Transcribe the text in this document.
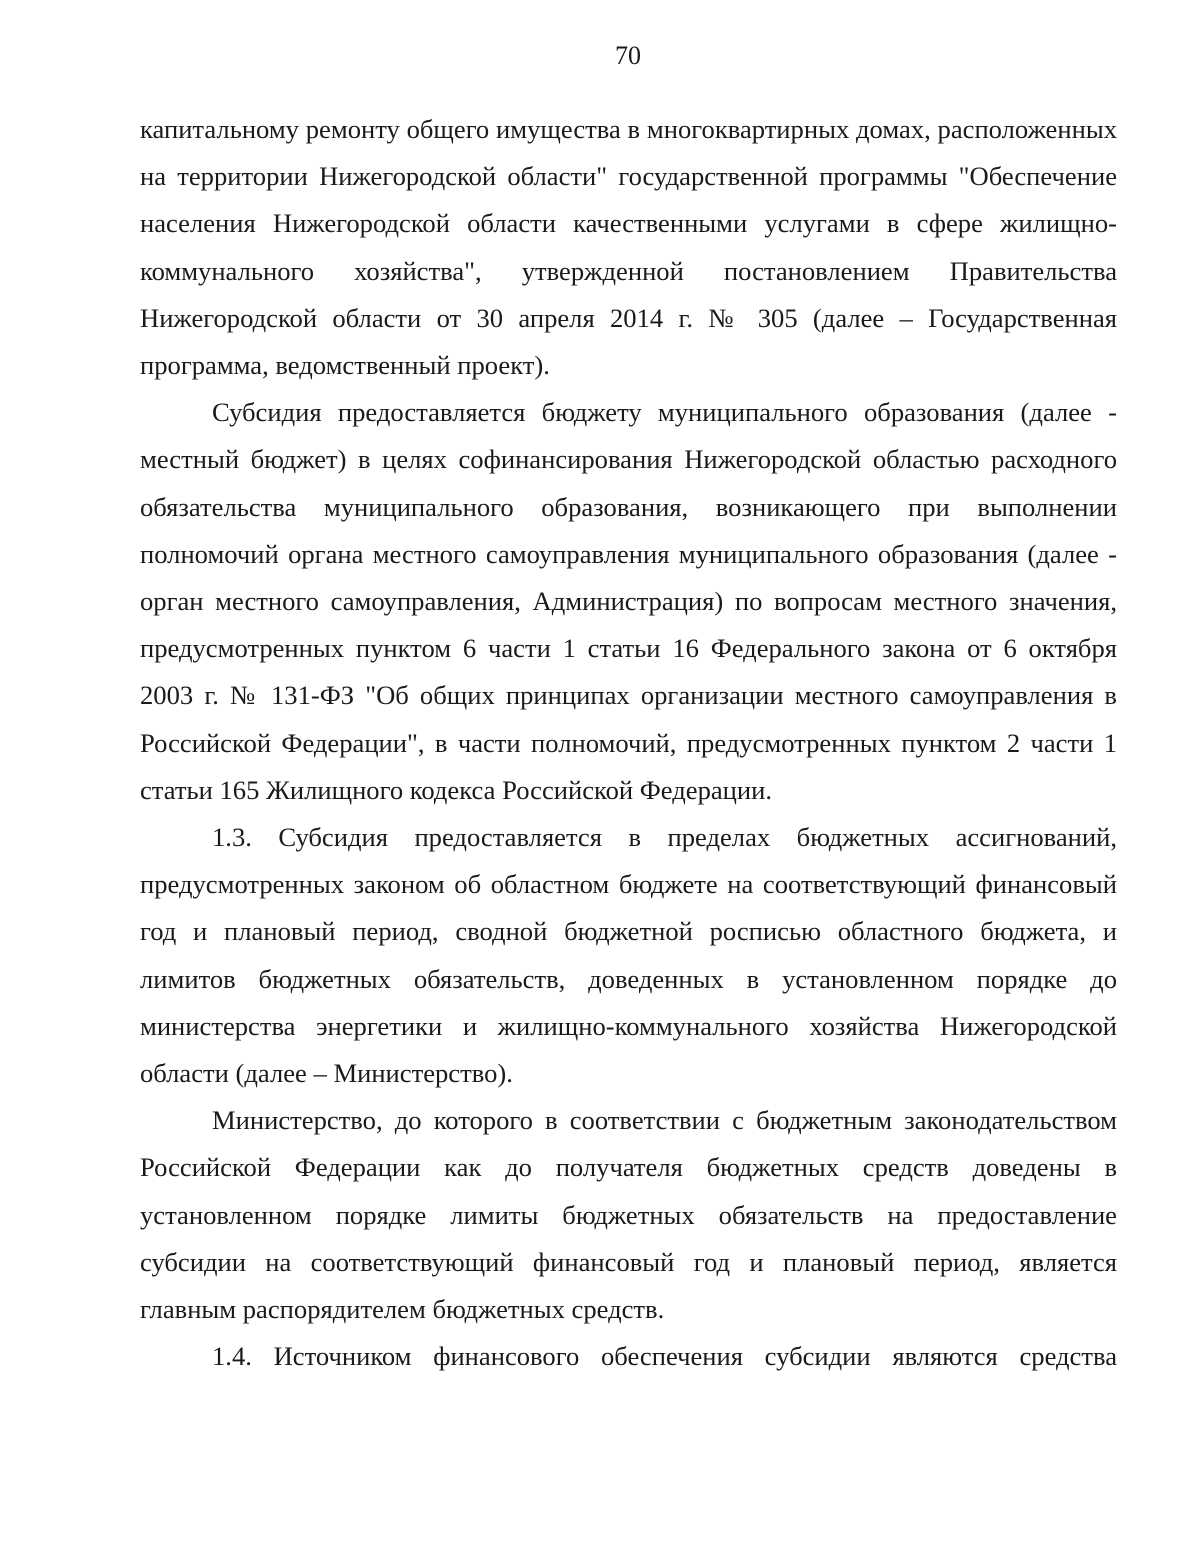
70

капитальному ремонту общего имущества в многоквартирных домах, расположенных на территории Нижегородской области" государственной программы "Обеспечение населения Нижегородской области качественными услугами в сфере жилищно-коммунального хозяйства", утвержденной постановлением Правительства Нижегородской области от 30 апреля 2014 г. № 305 (далее – Государственная программа, ведомственный проект).

Субсидия предоставляется бюджету муниципального образования (далее - местный бюджет) в целях софинансирования Нижегородской областью расходного обязательства муниципального образования, возникающего при выполнении полномочий органа местного самоуправления муниципального образования (далее - орган местного самоуправления, Администрация) по вопросам местного значения, предусмотренных пунктом 6 части 1 статьи 16 Федерального закона от 6 октября 2003 г. № 131-ФЗ "Об общих принципах организации местного самоуправления в Российской Федерации", в части полномочий, предусмотренных пунктом 2 части 1 статьи 165 Жилищного кодекса Российской Федерации.

1.3. Субсидия предоставляется в пределах бюджетных ассигнований, предусмотренных законом об областном бюджете на соответствующий финансовый год и плановый период, сводной бюджетной росписью областного бюджета, и лимитов бюджетных обязательств, доведенных в установленном порядке до министерства энергетики и жилищно-коммунального хозяйства Нижегородской области (далее – Министерство).

Министерство, до которого в соответствии с бюджетным законодательством Российской Федерации как до получателя бюджетных средств доведены в установленном порядке лимиты бюджетных обязательств на предоставление субсидии на соответствующий финансовый год и плановый период, является главным распорядителем бюджетных средств.

1.4. Источником финансового обеспечения субсидии являются средства
